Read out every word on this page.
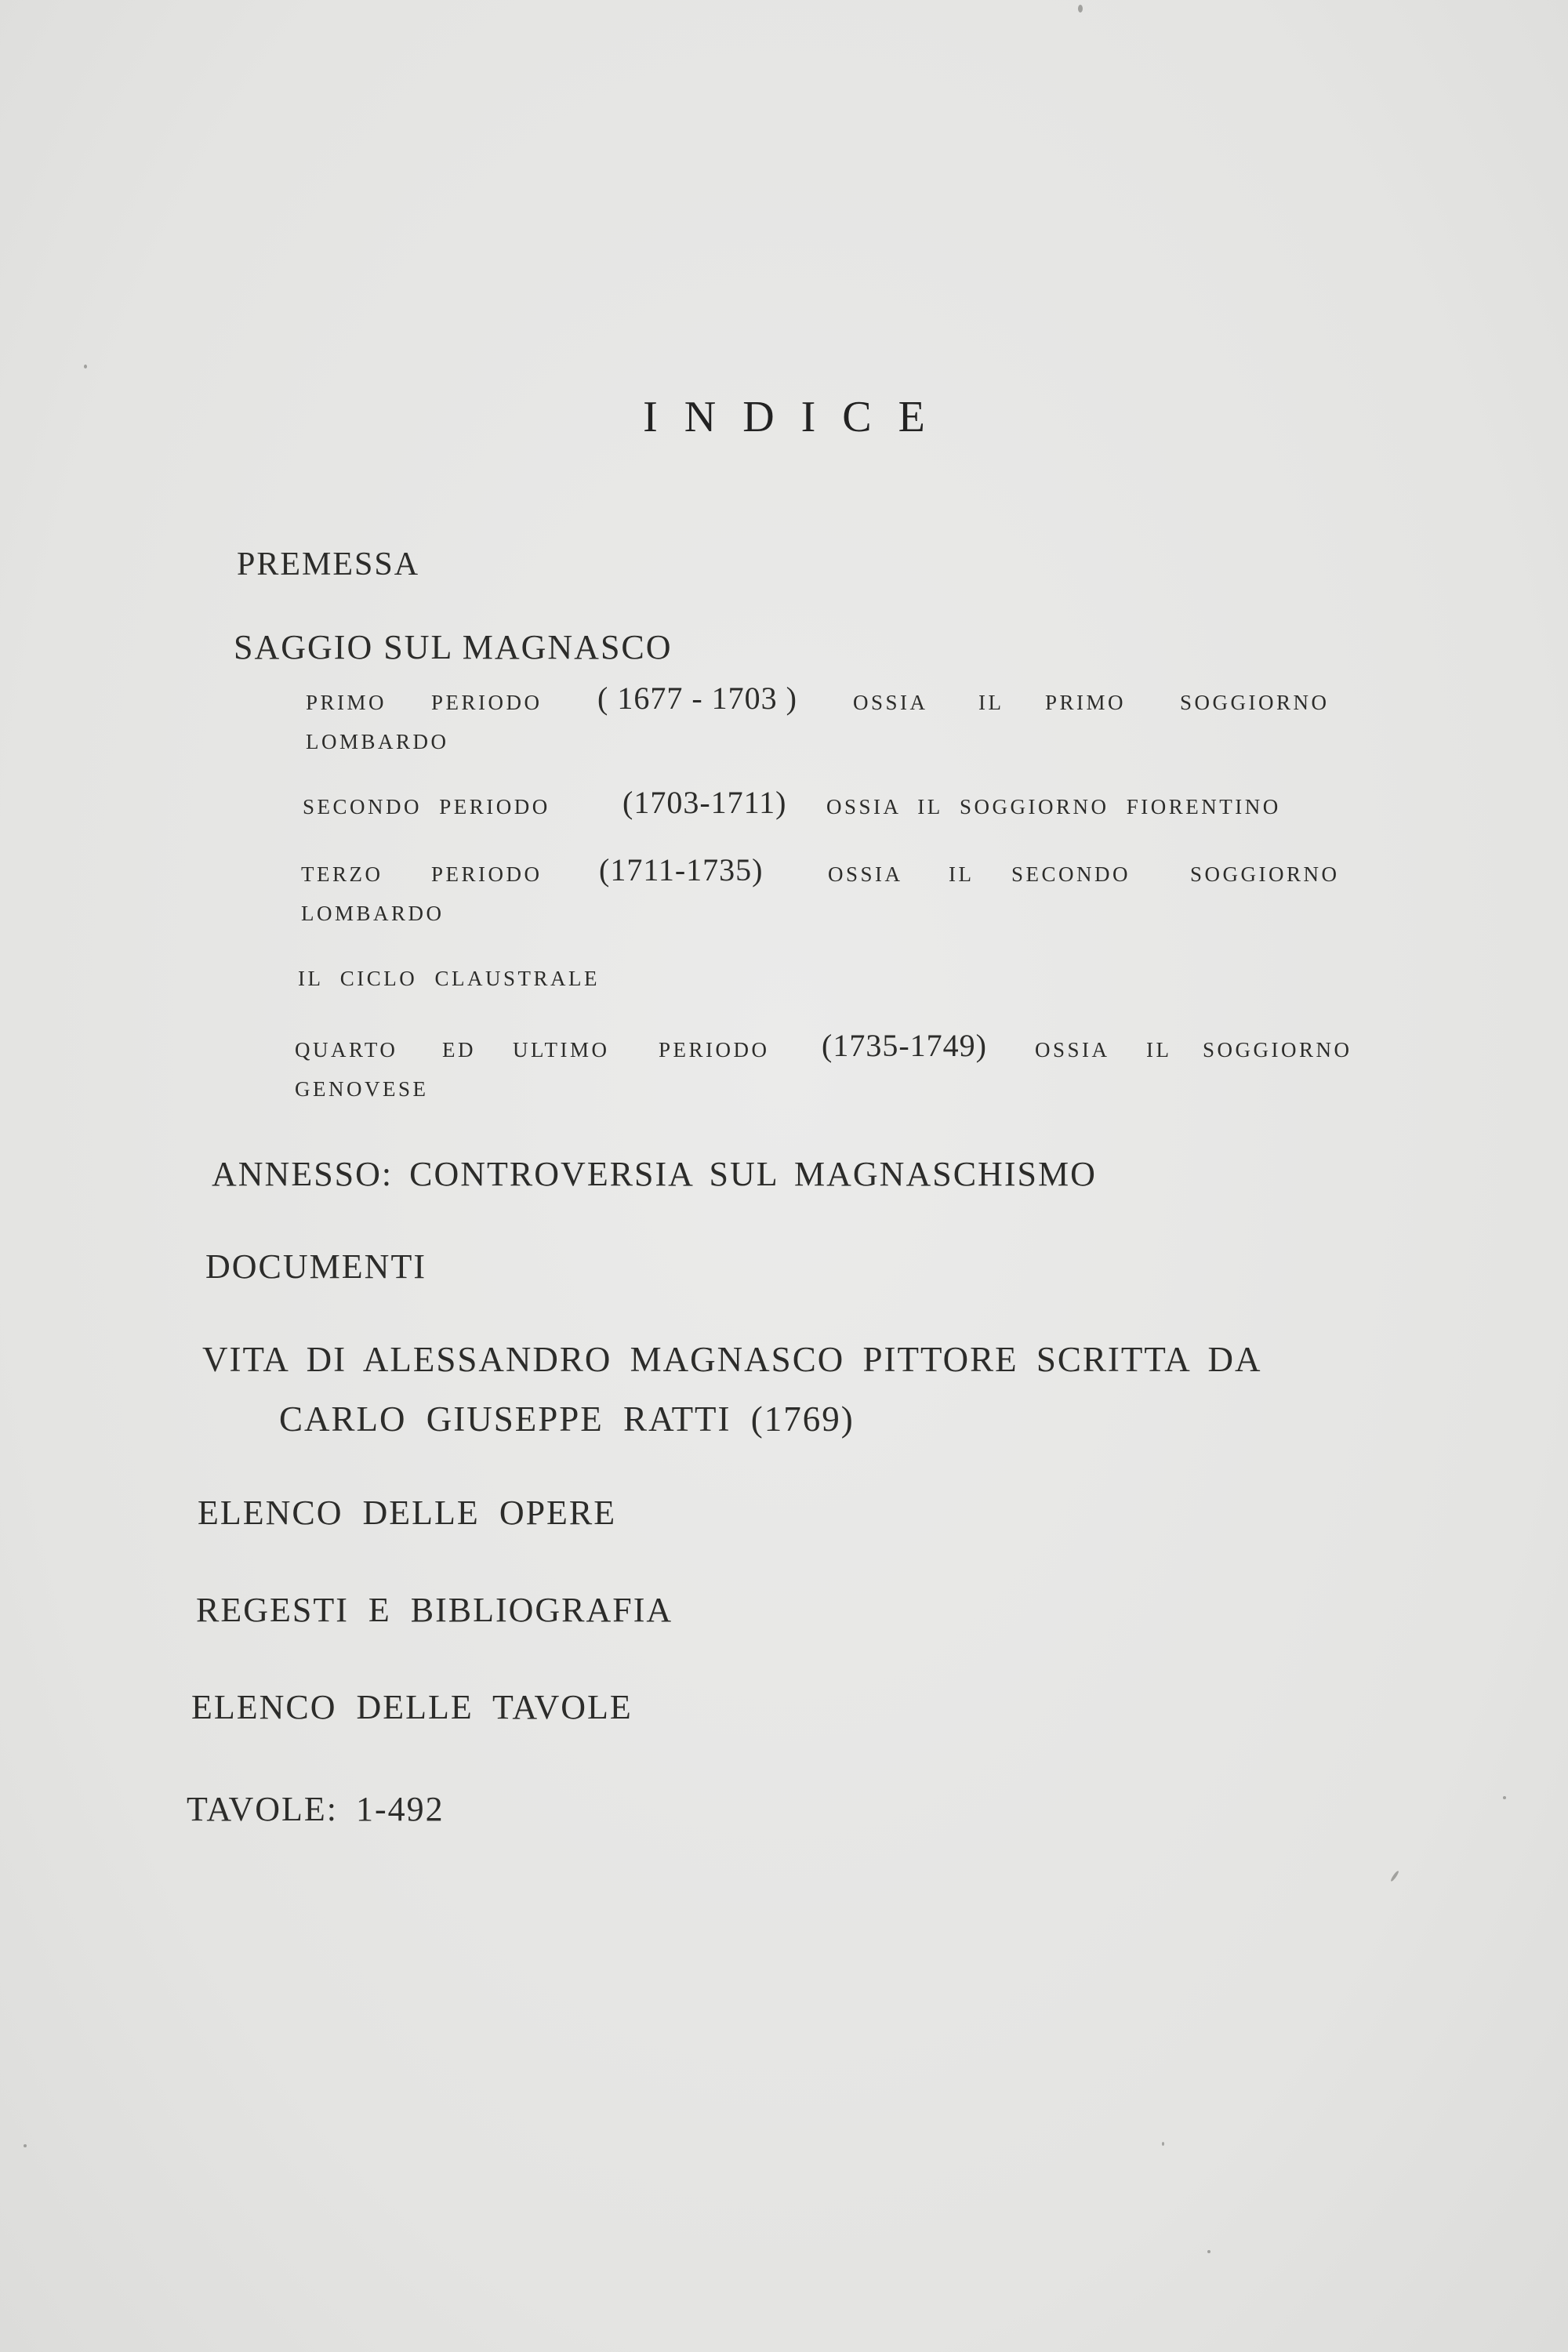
INDICE
PREMESSA
SAGGIO SUL MAGNASCO
PRIMO PERIODO ( 1677 - 1703 )	OSSIA IL PRIMO	SOGGIORNO
LOMBARDO
SECONDO PERIODO (1703-1711) OSSIA IL SOGGIORNO FIORENTINO
TERZO PERIODO (1711-1735)	OSSIA IL SECONDO	SOGGIORNO
LOMBARDO
IL CICLO CLAUSTRALE
QUARTO ED ULTIMO PERIODO (1735-1749) OSSIA IL SOGGIORNO
GENOVESE
ANNESSO: CONTROVERSIA SUL MAGNASCHISMO
DOCUMENTI
VITA DI ALESSANDRO MAGNASCO PITTORE SCRITTA DA
CARLO GIUSEPPE RATTI (1769)
ELENCO DELLE OPERE
REGESTI E BIBLIOGRAFIA
ELENCO DELLE TAVOLE
TAVOLE: 1-492
